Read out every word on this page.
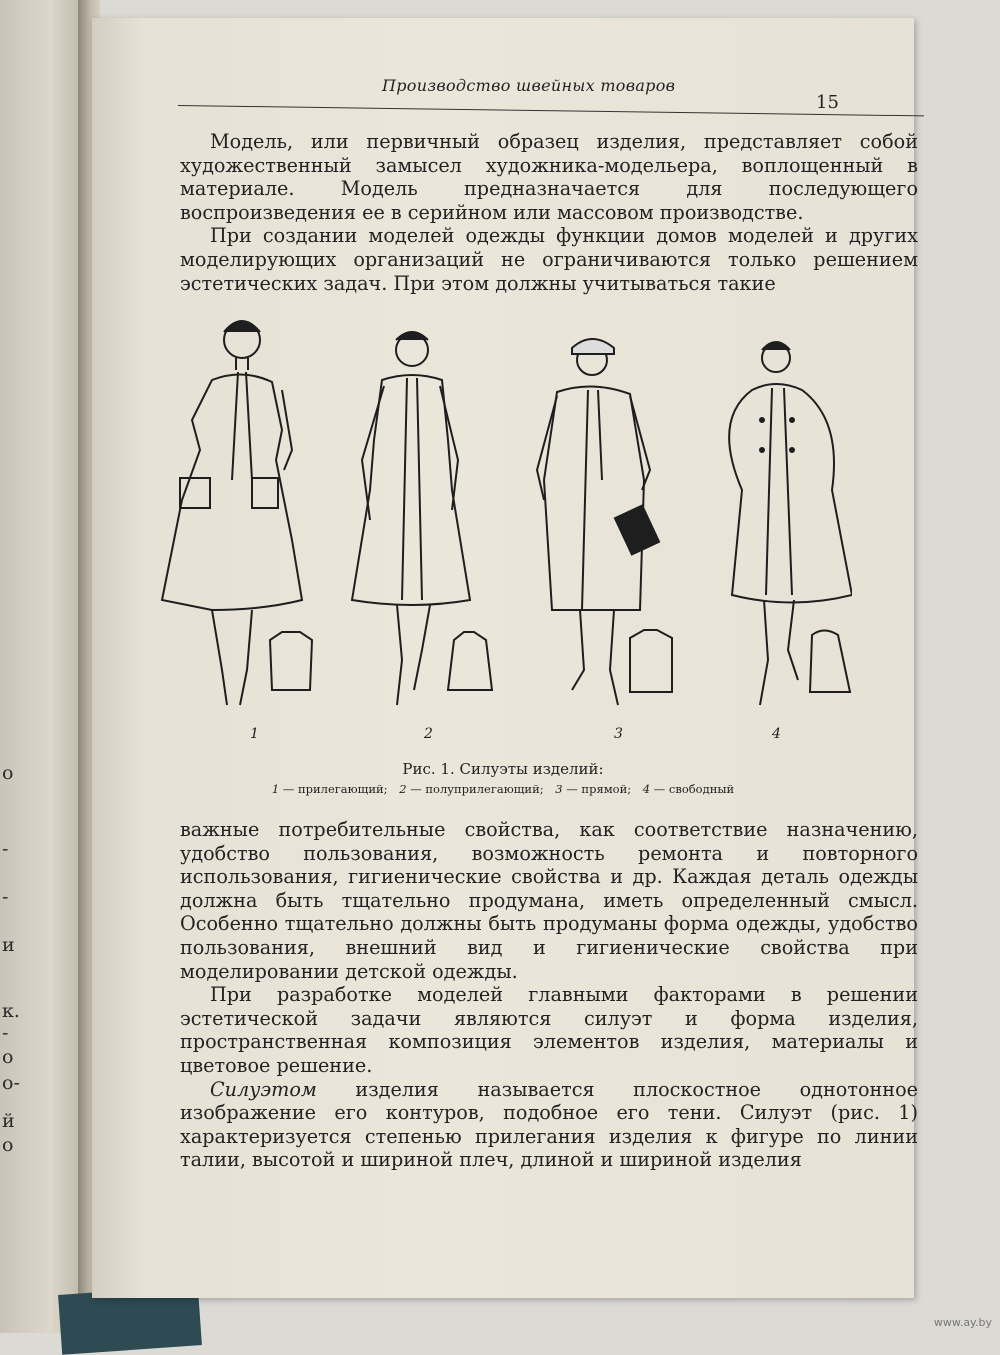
о
-
-
и
к.
-
о
о-
й
о
Производство швейных товаров
15

Модель, или первичный образец изделия, представляет собой художественный замысел художника-модельера, воплощенный в материале. Модель предназначается для последующего воспроизведения ее в серийном или массовом производстве.

При создании моделей одежды функции домов моделей и других моделирующих организаций не ограничиваются только решением эстетических задач. При этом должны учитываться такие

1	2	3	4
Рис. 1. Силуэты изделий:
1 — прилегающий; 2 — полуприлегающий; 3 — прямой; 4 — свободный

важные потребительные свойства, как соответствие назначению, удобство пользования, возможность ремонта и повторного использования, гигиенические свойства и др. Каждая деталь одежды должна быть тщательно продумана, иметь определенный смысл. Особенно тщательно должны быть продуманы форма одежды, удобство пользования, внешний вид и гигиенические свойства при моделировании детской одежды.

При разработке моделей главными факторами в решении эстетической задачи являются силуэт и форма изделия, пространственная композиция элементов изделия, материалы и цветовое решение.

Силуэтом изделия называется плоскостное однотонное изображение его контуров, подобное его тени. Силуэт (рис. 1) характеризуется степенью прилегания изделия к фигуре по линии талии, высотой и шириной плеч, длиной и шириной изделия

www.ay.by
